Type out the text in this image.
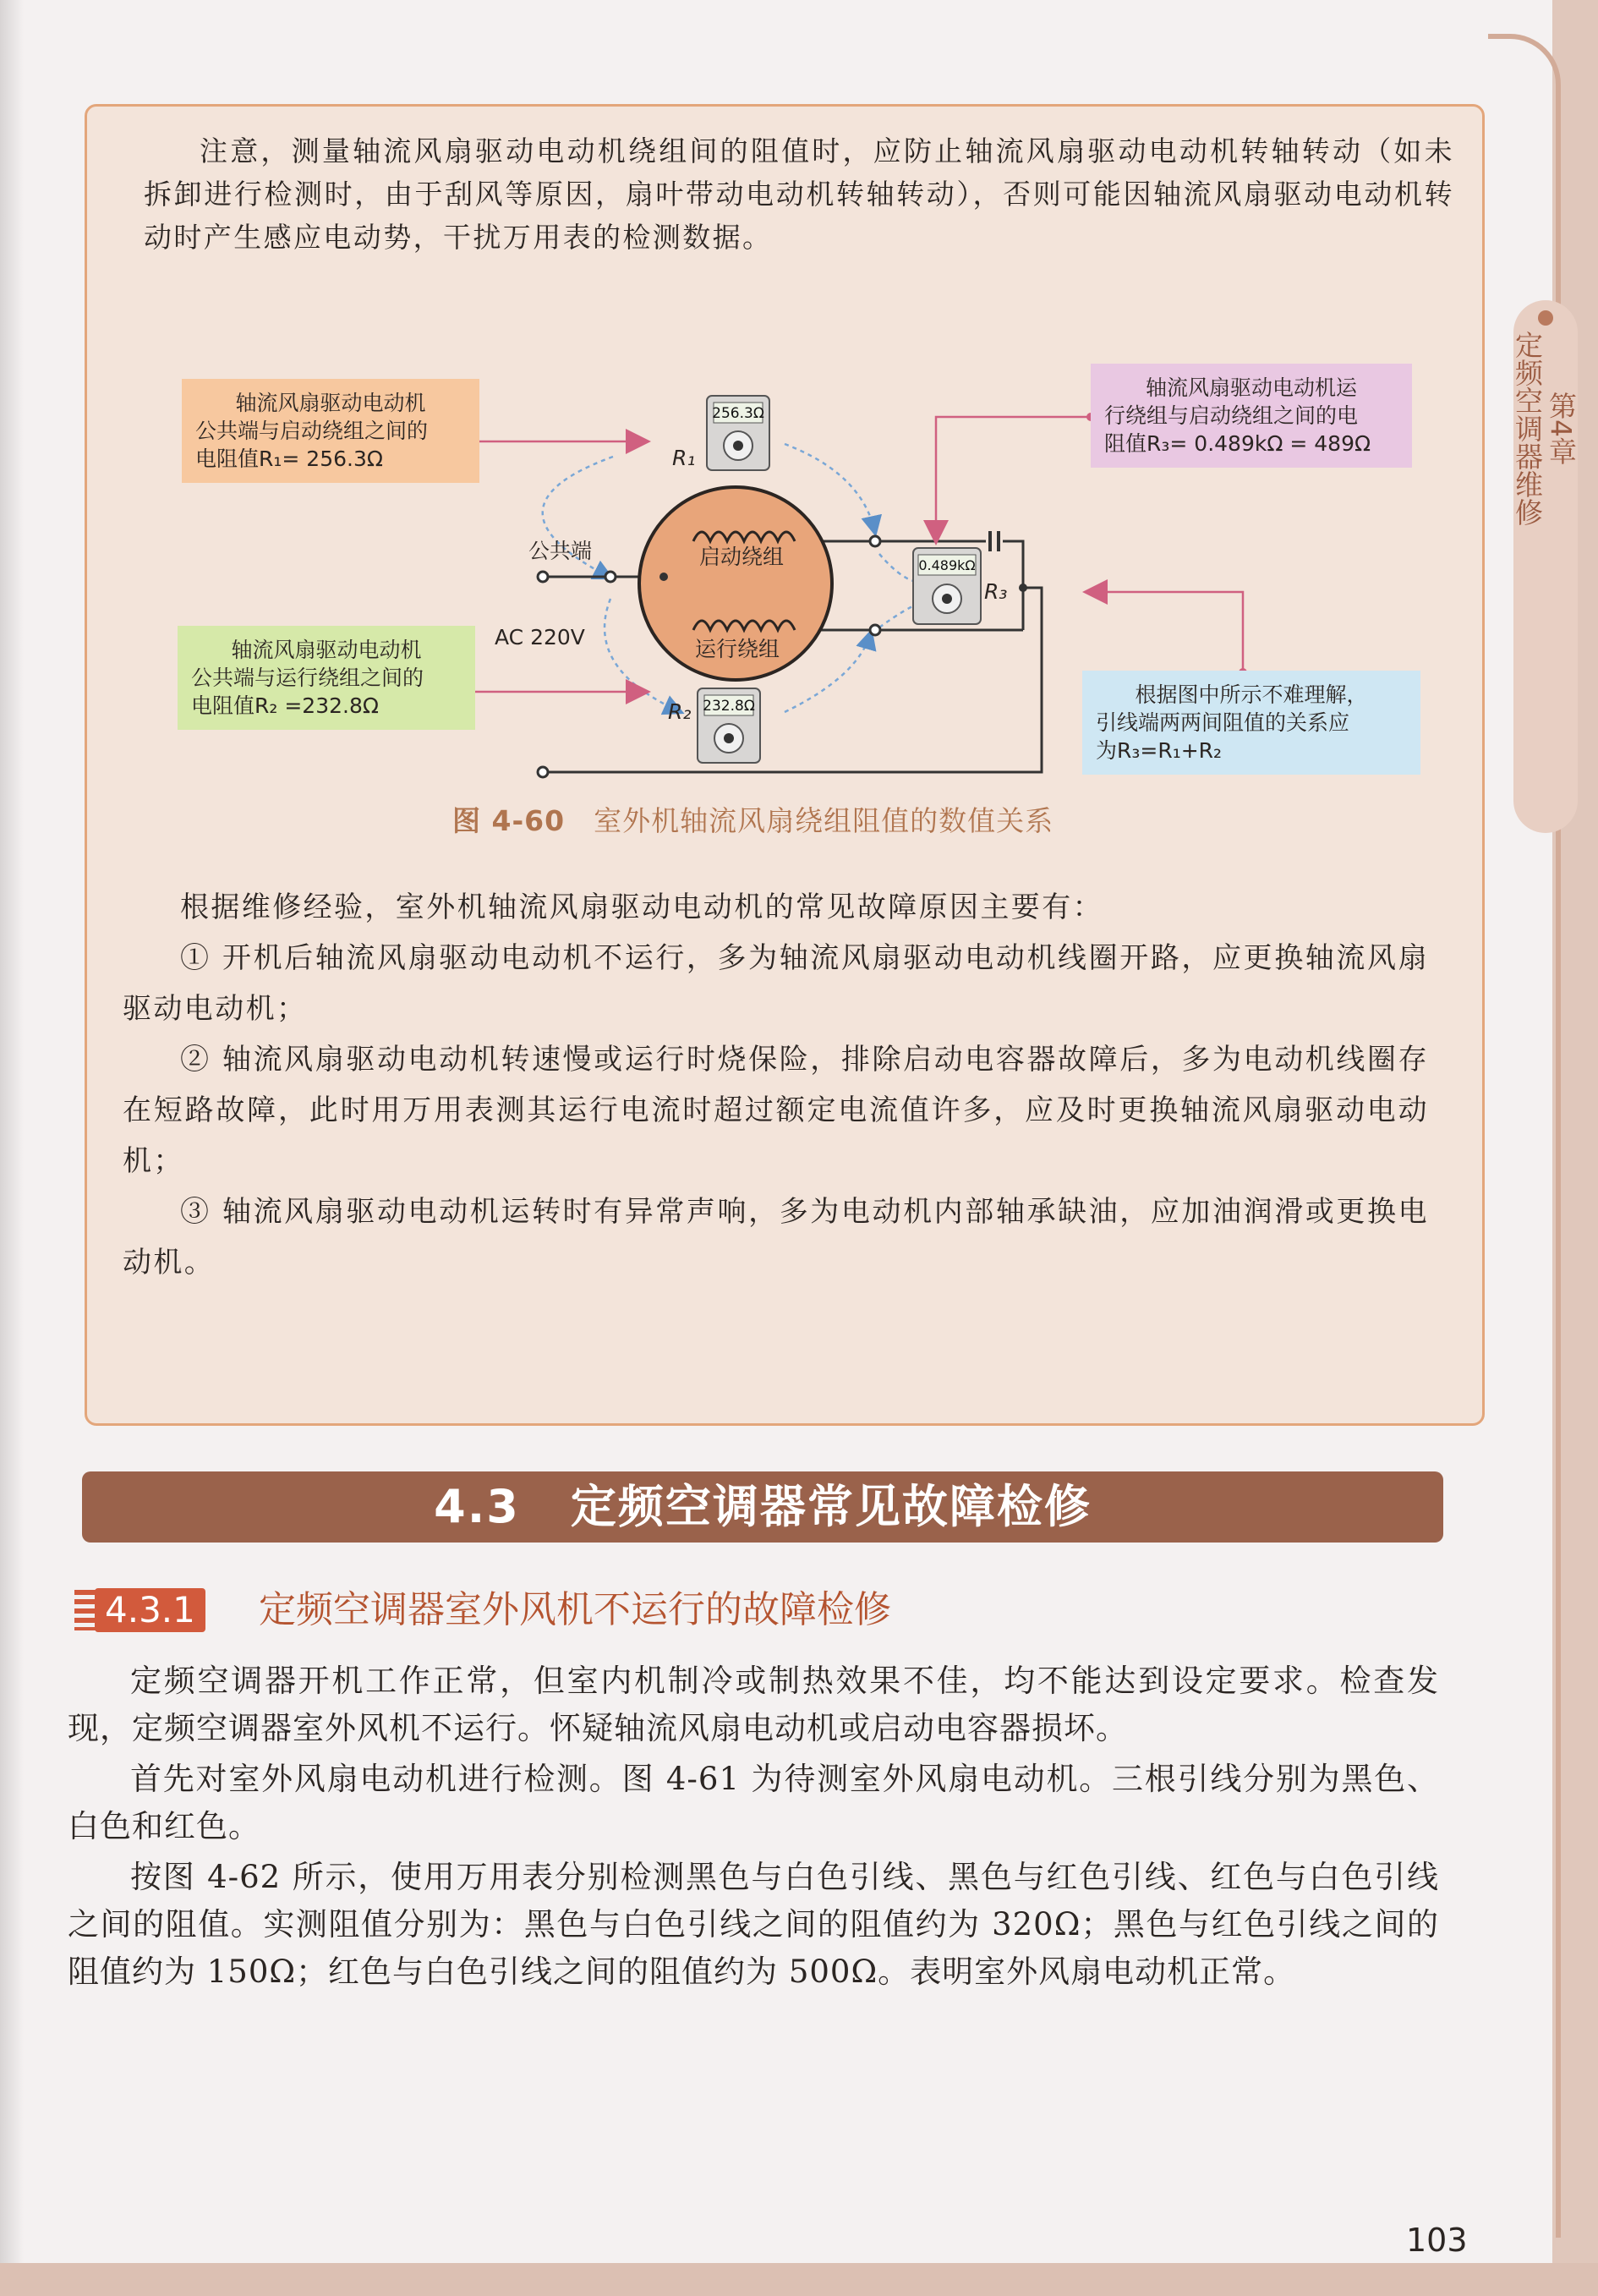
第4章
定频空调器维修

注意，测量轴流风扇驱动电动机绕组间的阻值时，应防止轴流风扇驱动电动机转轴转动（如未拆卸进行检测时，由于刮风等原因，扇叶带动电动机转轴转动），否则可能因轴流风扇驱动电动机转动时产生感应电动势，干扰万用表的检测数据。

启动绕组
运行绕组
公共端
AC 220V
256.3Ω
R₁
232.8Ω
R₂
0.489kΩ
R₃
轴流风扇驱动电动机
公共端与启动绕组之间的
电阻值R₁= 256.3Ω
轴流风扇驱动电动机
公共端与运行绕组之间的
电阻值R₂ =232.8Ω
轴流风扇驱动电动机运
行绕组与启动绕组之间的电
阻值R₃= 0.489kΩ = 489Ω
根据图中所示不难理解，
引线端两两间阻值的关系应
为R₃=R₁+R₂
图 4-60 室外机轴流风扇绕组阻值的数值关系

根据维修经验，室外机轴流风扇驱动电动机的常见故障原因主要有：

① 开机后轴流风扇驱动电动机不运行，多为轴流风扇驱动电动机线圈开路，应更换轴流风扇驱动电动机；

② 轴流风扇驱动电动机转速慢或运行时烧保险，排除启动电容器故障后，多为电动机线圈存在短路故障，此时用万用表测其运行电流时超过额定电流值许多，应及时更换轴流风扇驱动电动机；

③ 轴流风扇驱动电动机运转时有异常声响，多为电动机内部轴承缺油，应加油润滑或更换电动机。

4.3 定频空调器常见故障检修
4.3.1 定频空调器室外风机不运行的故障检修

定频空调器开机工作正常，但室内机制冷或制热效果不佳，均不能达到设定要求。检查发现，定频空调器室外风机不运行。怀疑轴流风扇电动机或启动电容器损坏。

首先对室外风扇电动机进行检测。图 4-61 为待测室外风扇电动机。三根引线分别为黑色、白色和红色。

按图 4-62 所示，使用万用表分别检测黑色与白色引线、黑色与红色引线、红色与白色引线之间的阻值。实测阻值分别为：黑色与白色引线之间的阻值约为 320Ω；黑色与红色引线之间的阻值约为 150Ω；红色与白色引线之间的阻值约为 500Ω。表明室外风扇电动机正常。

103
